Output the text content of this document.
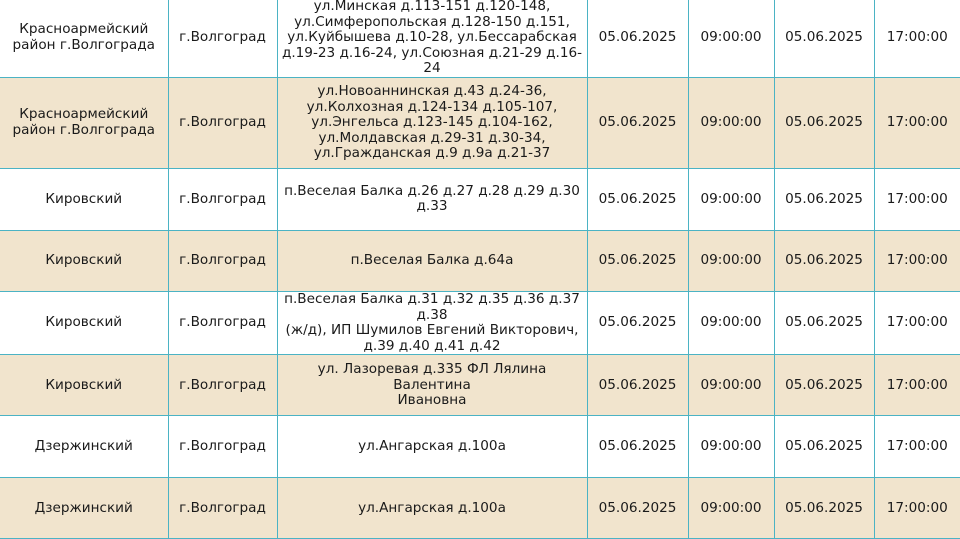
Красноармейский район г.Волгограда	г.Волгоград	ул.Минская д.113-151 д.120-148,
ул.Симферопольская д.128-150 д.151,
ул.Куйбышева д.10-28, ул.Бессарабская
д.19-23 д.16-24, ул.Союзная д.21-29 д.16-24	05.06.2025	09:00:00	05.06.2025	17:00:00
Красноармейский район г.Волгограда	г.Волгоград	ул.Новоаннинская д.43 д.24-36,
ул.Колхозная д.124-134 д.105-107,
ул.Энгельса д.123-145 д.104-162,
ул.Молдавская д.29-31 д.30-34,
ул.Гражданская д.9 д.9а д.21-37	05.06.2025	09:00:00	05.06.2025	17:00:00
Кировский	г.Волгоград	п.Веселая Балка д.26 д.27 д.28 д.29 д.30 д.33	05.06.2025	09:00:00	05.06.2025	17:00:00
Кировский	г.Волгоград	п.Веселая Балка д.64а	05.06.2025	09:00:00	05.06.2025	17:00:00
Кировский	г.Волгоград	п.Веселая Балка д.31 д.32 д.35 д.36 д.37 д.38
(ж/д), ИП Шумилов Евгений Викторович,
д.39 д.40 д.41 д.42	05.06.2025	09:00:00	05.06.2025	17:00:00
Кировский	г.Волгоград	ул. Лазоревая д.335 ФЛ Лялина Валентина
Ивановна	05.06.2025	09:00:00	05.06.2025	17:00:00
Дзержинский	г.Волгоград	ул.Ангарская д.100а	05.06.2025	09:00:00	05.06.2025	17:00:00
Дзержинский	г.Волгоград	ул.Ангарская д.100а	05.06.2025	09:00:00	05.06.2025	17:00:00
